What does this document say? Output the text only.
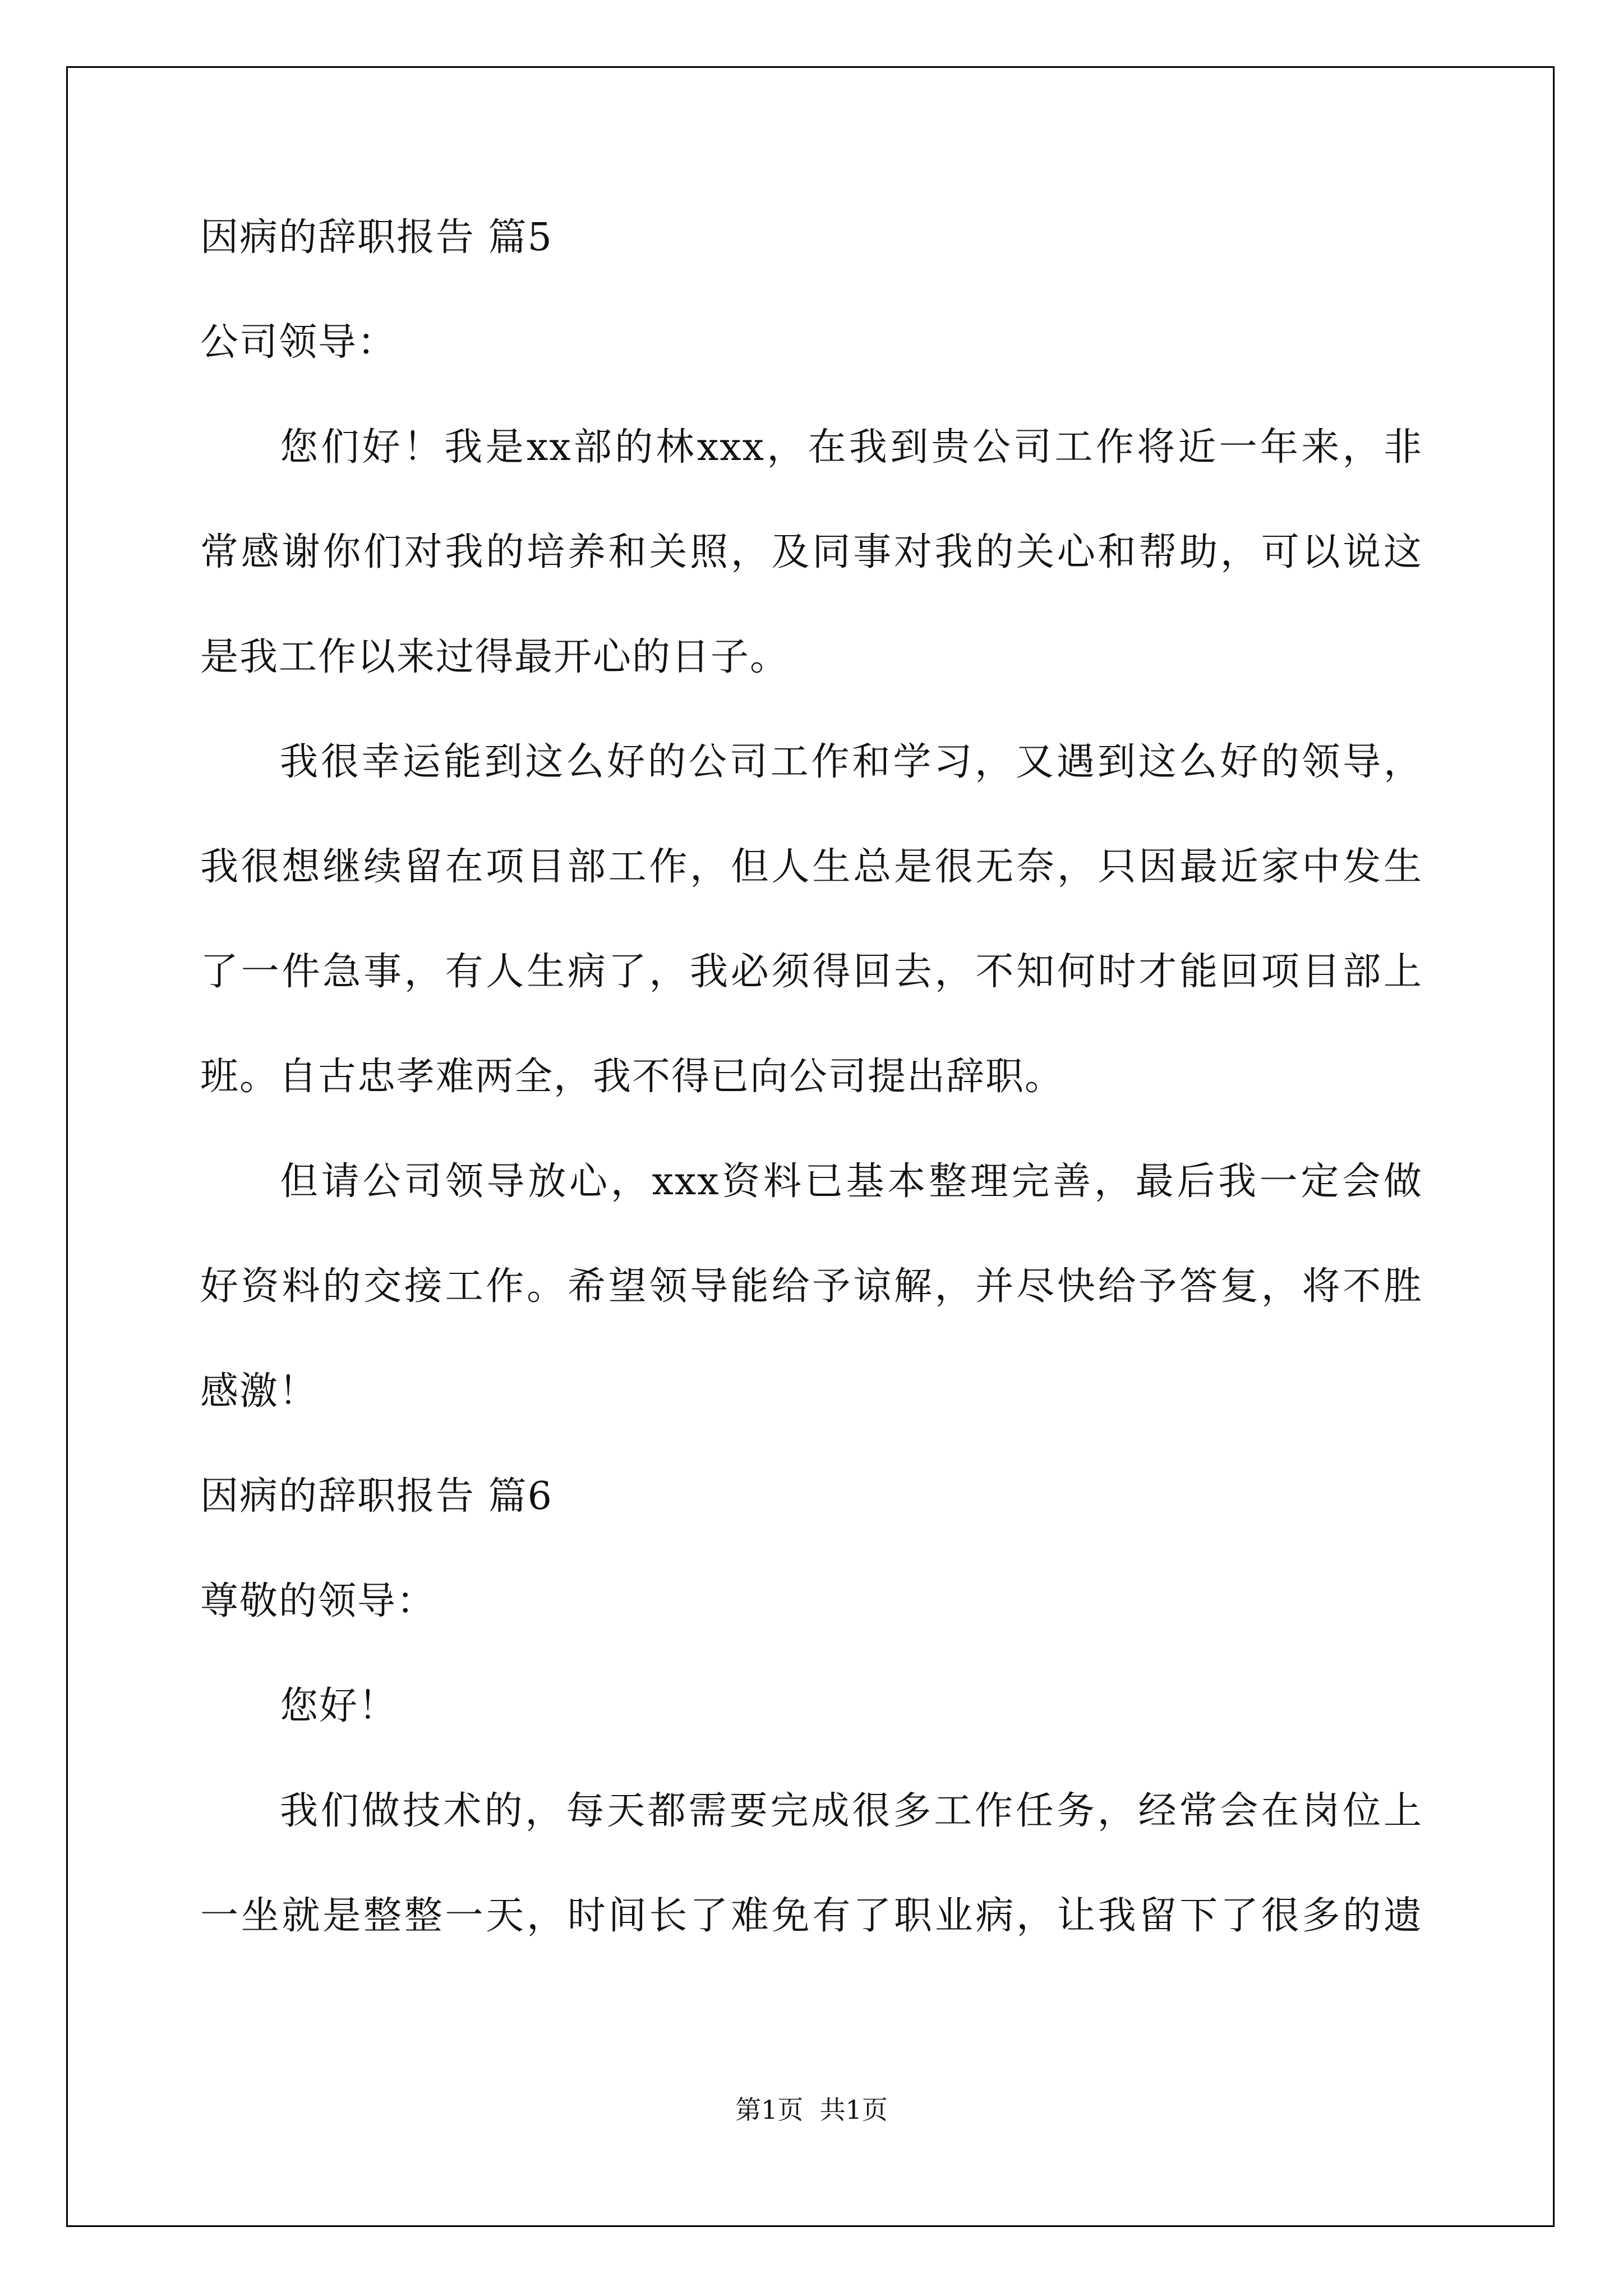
因病的辞职报告 篇5
公司领导：
您们好！我是xx部的林xxx，在我到贵公司工作将近一年来，非
常感谢你们对我的培养和关照，及同事对我的关心和帮助，可以说这
是我工作以来过得最开心的日子。
我很幸运能到这么好的公司工作和学习，又遇到这么好的领导，
我很想继续留在项目部工作，但人生总是很无奈，只因最近家中发生
了一件急事，有人生病了，我必须得回去，不知何时才能回项目部上
班。自古忠孝难两全，我不得已向公司提出辞职。
但请公司领导放心，xxx资料已基本整理完善，最后我一定会做
好资料的交接工作。希望领导能给予谅解，并尽快给予答复，将不胜
感激！
因病的辞职报告 篇6
尊敬的领导：
您好！
我们做技术的，每天都需要完成很多工作任务，经常会在岗位上
一坐就是整整一天，时间长了难免有了职业病，让我留下了很多的遗
第1页  共1页
